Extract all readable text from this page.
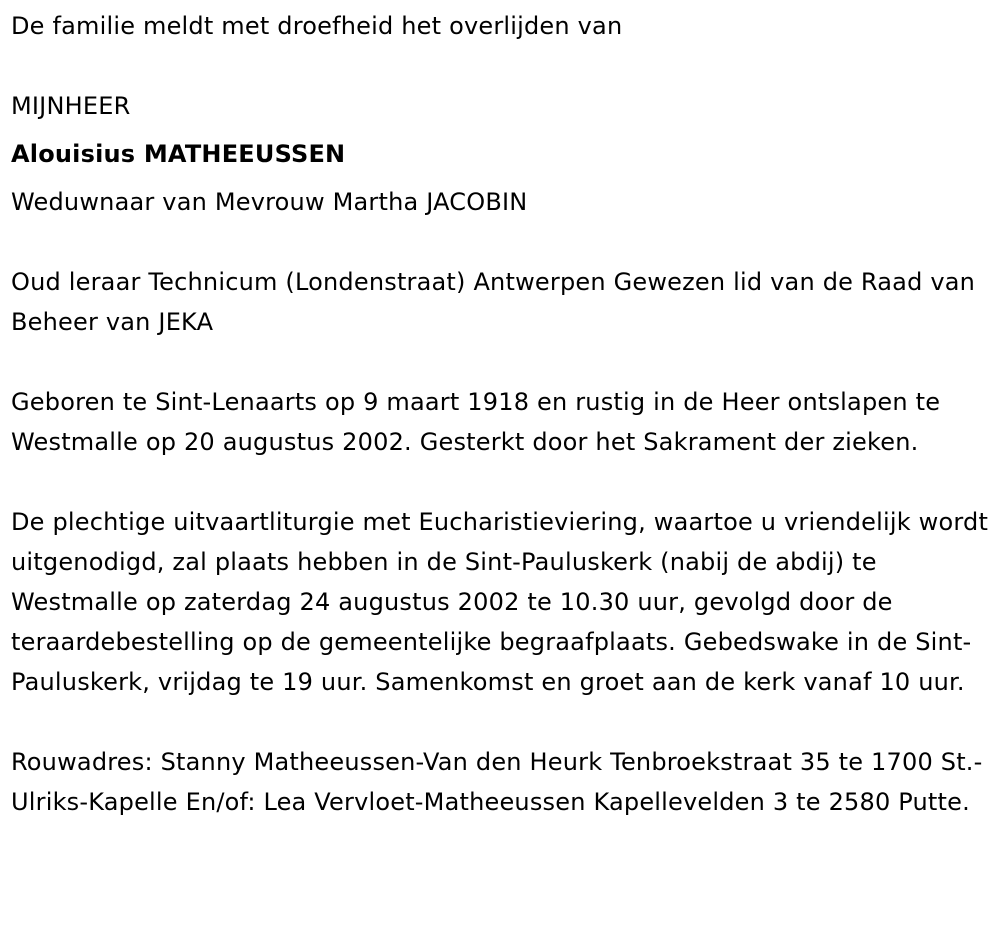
De familie meldt met droefheid het overlijden van

MIJNHEER

Alouisius MATHEEUSSEN

Weduwnaar van Mevrouw Martha JACOBIN

Oud leraar Technicum (Londenstraat) Antwerpen Gewezen lid van de Raad van Beheer van JEKA

Geboren te Sint-Lenaarts op 9 maart 1918 en rustig in de Heer ontslapen te Westmalle op 20 augustus 2002. Gesterkt door het Sakrament der zieken.

De plechtige uitvaartliturgie met Eucharistieviering, waartoe u vriendelijk wordt uitgenodigd, zal plaats hebben in de Sint-Pauluskerk (nabij de abdij) te Westmalle op zaterdag 24 augustus 2002 te 10.30 uur, gevolgd door de teraardebestelling op de gemeentelijke begraafplaats. Gebedswake in de Sint-Pauluskerk, vrijdag te 19 uur. Samenkomst en groet aan de kerk vanaf 10 uur.

Rouwadres: Stanny Matheeussen-Van den Heurk Tenbroekstraat 35 te 1700 St.-Ulriks-Kapelle En/of: Lea Vervloet-Matheeussen Kapellevelden 3 te 2580 Putte.
